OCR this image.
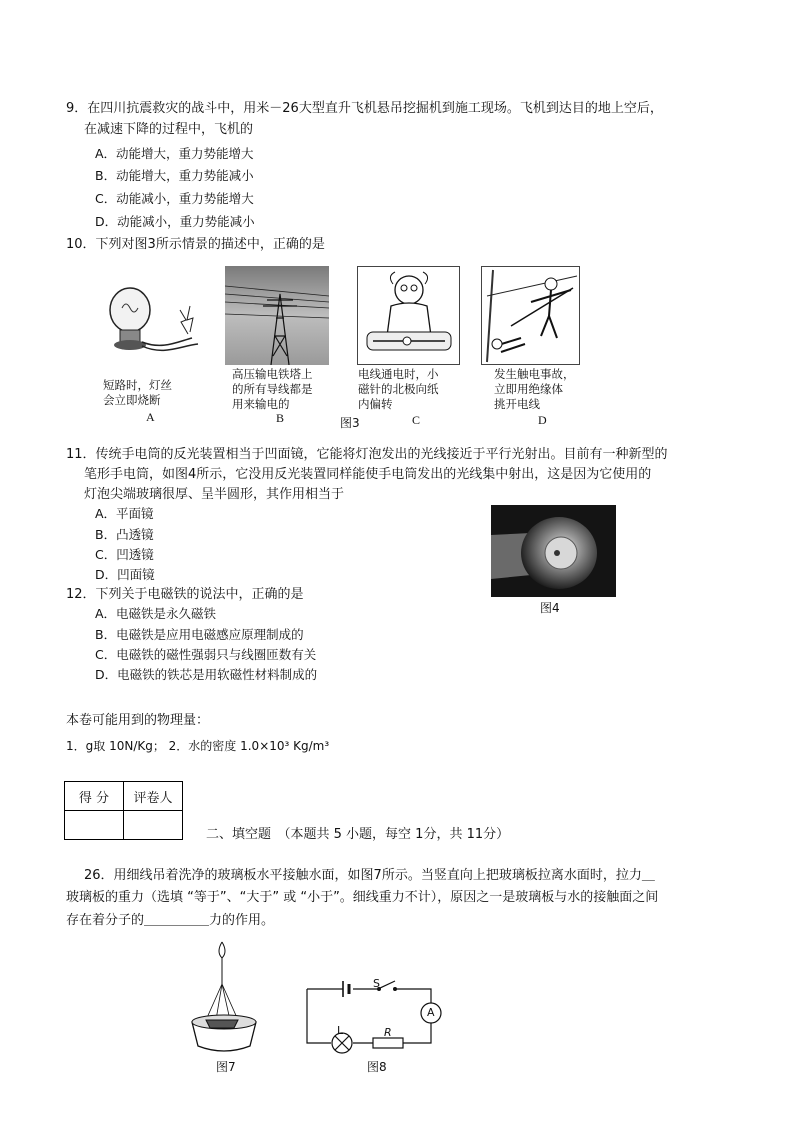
9．在四川抗震救灾的战斗中，用米－26大型直升飞机悬吊挖掘机到施工现场。飞机到达目的地上空后，
在减速下降的过程中，飞机的
A．动能增大，重力势能增大
B．动能增大，重力势能减小
C．动能减小，重力势能增大
D．动能减小，重力势能减小
10．下列对图3所示情景的描述中，正确的是
短路时，灯丝
会立即烧断
A
高压输电铁塔上
的所有导线都是
用来输电的
B	图3
电线通电时，小
磁针的北极向纸
内偏转
C
发生触电事故，
立即用绝缘体
挑开电线
D
11．传统手电筒的反光装置相当于凹面镜，它能将灯泡发出的光线接近于平行光射出。目前有一种新型的
笔形手电筒，如图4所示，它没用反光装置同样能使手电筒发出的光线集中射出，这是因为它使用的
灯泡尖端玻璃很厚、呈半圆形，其作用相当于
A．平面镜
B．凸透镜
C．凹透镜
D．凹面镜
图4
12．下列关于电磁铁的说法中，正确的是
A．电磁铁是永久磁铁
B．电磁铁是应用电磁感应原理制成的
C．电磁铁的磁性强弱只与线圈匝数有关
D．电磁铁的铁芯是用软磁性材料制成的
本卷可能用到的物理量：
1．g取 10N/Kg； 2．水的密度 1.0×10³ Kg/m³
得 分	评卷人

二、填空题　（本题共 5 小题，每空 1分，共 11分）
26．用细线吊着洗净的玻璃板水平接触水面，如图7所示。当竖直向上把玻璃板拉离水面时，拉力＿
玻璃板的重力（选填 “等于”、“大于” 或 “小于”。细线重力不计），原因之一是玻璃板与水的接触面之间
存在着分子的＿＿＿＿＿力的作用。
图7
S
A
L	R
图8
